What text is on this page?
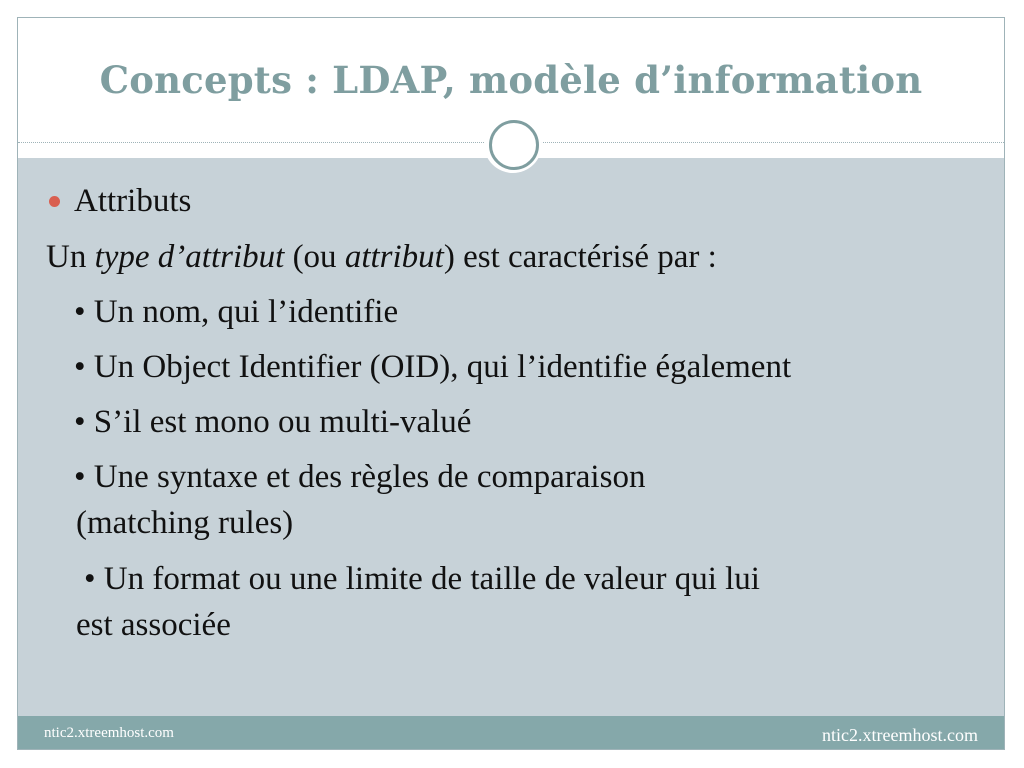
Concepts : LDAP, modèle d’information
Attributs
Un type d’attribut (ou attribut) est caractérisé par :
• Un nom, qui l’identifie
• Un Object Identifier (OID), qui l’identifie également
• S’il est mono ou multi-valué
• Une syntaxe et des règles de comparaison
(matching rules)
• Un format ou une limite de taille de valeur qui lui
est associée
ntic2.xtreemhost.com	ntic2.xtreemhost.com
